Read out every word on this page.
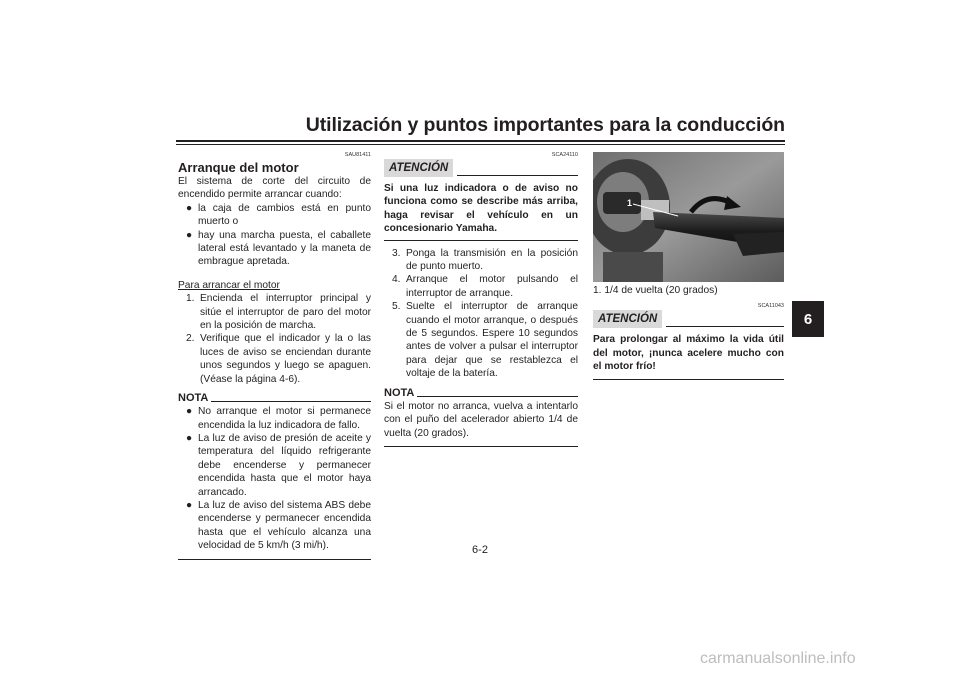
Utilización y puntos importantes para la conducción
6
SAU81411
Arranque del motor

El sistema de corte del circuito de encendido permite arrancar cuando:

● la caja de cambios está en punto muerto o
● hay una marcha puesta, el caballete lateral está levantado y la maneta de embrague apretada.
Para arrancar el motor
1. Encienda el interruptor principal y sitúe el interruptor de paro del motor en la posición de marcha.
2. Verifique que el indicador y la o las luces de aviso se enciendan durante unos segundos y luego se apaguen. (Véase la página 4-6).
NOTA
● No arranque el motor si permanece encendida la luz indicadora de fallo.
● La luz de aviso de presión de aceite y temperatura del líquido refrigerante debe encenderse y permanecer encendida hasta que el motor haya arrancado.
● La luz de aviso del sistema ABS debe encenderse y permanecer encendida hasta que el vehículo alcanza una velocidad de 5 km/h (3 mi/h).
SCA24110
ATENCIÓN

Si una luz indicadora o de aviso no funciona como se describe más arriba, haga revisar el vehículo en un concesionario Yamaha.

3. Ponga la transmisión en la posición de punto muerto.
4. Arranque el motor pulsando el interruptor de arranque.
5. Suelte el interruptor de arranque cuando el motor arranque, o después de 5 segundos. Espere 10 segundos antes de volver a pulsar el interruptor para dejar que se restablezca el voltaje de la batería.
NOTA

Si el motor no arranca, vuelva a intentarlo con el puño del acelerador abierto 1/4 de vuelta (20 grados).

1
1. 1/4 de vuelta (20 grados)
SCA11043
ATENCIÓN

Para prolongar al máximo la vida útil del motor, ¡nunca acelere mucho con el motor frío!

6-2
carmanualsonline.info
